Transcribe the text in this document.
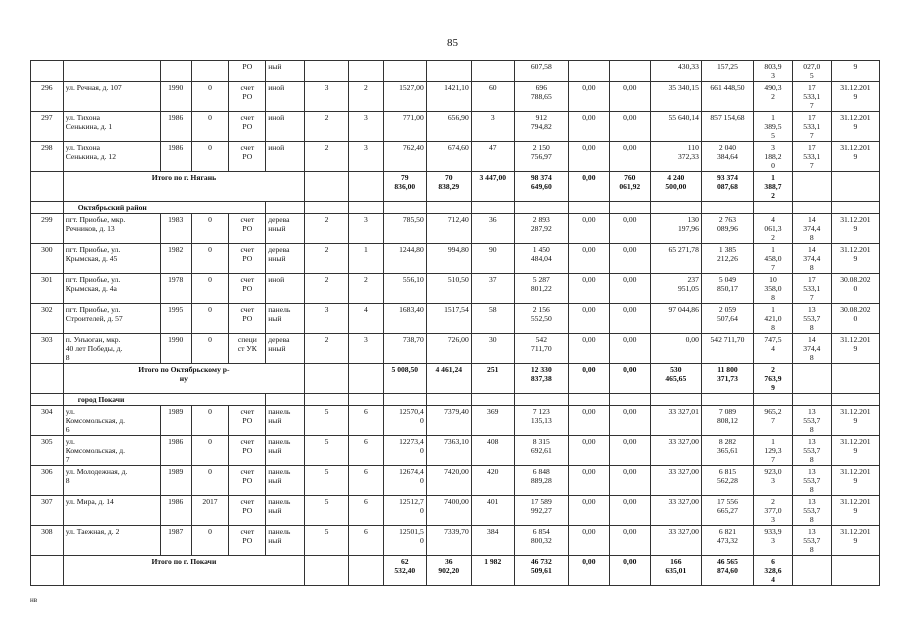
85
				РО	ный						607,58			430,33	157,25	803,9
3	027,0
5	9
296	ул. Речная, д. 107	1990	0	счет
РО	иной	3	2	1527,00	1421,10	60	696
788,65	0,00	0,00	35 340,15	661 448,50	490,3
2	17
533,1
7	31.12.201
9
297	ул. Тихона
Сенькина, д. 1	1986	0	счет
РО	иной	2	3	771,00	656,90	3	912
794,82	0,00	0,00	55 640,14	857 154,68	1
389,5
5	17
533,1
7	31.12.201
9
298	ул. Тихона
Сенькина, д. 12	1986	0	счет
РО	иной	2	3	762,40	674,60	47	2 150
756,97	0,00	0,00	110
372,33	2 040
384,64	3
188,2
0	17
533,1
7	31.12.201
9
	Итого по г. Нягань							79
836,00	70
838,29	3 447,00	98 374
649,60	0,00	760
061,92	4 240
500,00	93 374
087,68	1
388,7
2		
	Октябрьский район																	
299	пгт. Приобье, мкр.
Речников, д. 13	1983	0	счет
РО	дерева
нный	2	3	785,50	712,40	36	2 893
287,92	0,00	0,00	130
197,96	2 763
089,96	4
061,3
2	14
374,4
8	31.12.201
9
300	пгт. Приобье, ул.
Крымская, д. 45	1982	0	счет
РО	дерева
нный	2	1	1244,80	994,80	90	1 450
484,04	0,00	0,00	65 271,78	1 385
212,26	1
458,0
7	14
374,4
8	31.12.201
9
301	пгт. Приобье, ул.
Крымская, д. 4а	1978	0	счет
РО	иной	2	2	556,10	510,50	37	5 287
801,22	0,00	0,00	237
951,05	5 049
850,17	10
358,0
8	17
533,1
7	30.08.202
0
302	пгт. Приобье, ул.
Строителей, д. 57	1995	0	счет
РО	панель
ный	3	4	1683,40	1517,54	58	2 156
552,50	0,00	0,00	97 044,86	2 059
507,64	1
421,0
8	13
553,7
8	30.08.202
0
303	п. Унъюган, мкр.
40 лет Победы, д.
8	1990	0	специ
ст УК	дерева
нный	2	3	738,70	726,00	30	542
711,70	0,00	0,00	0,00	542 711,70	747,5
4	14
374,4
8	31.12.201
9
	Итого по Октябрьскому р-
ну							5 008,50	4 461,24	251	12 330
837,38	0,00	0,00	530
465,65	11 800
371,73	2
763,9
9		
	город Покачи																	
304	ул.
Комсомольская, д.
6	1989	0	счет
РО	панель
ный	5	6	12570,4
0	7379,40	369	7 123
135,13	0,00	0,00	33 327,01	7 089
808,12	965,2
7	13
553,7
8	31.12.201
9
305	ул.
Комсомольская, д.
7	1986	0	счет
РО	панель
ный	5	6	12273,4
0	7363,10	408	8 315
692,61	0,00	0,00	33 327,00	8 282
365,61	1
129,3
7	13
553,7
8	31.12.201
9
306	ул. Молодежная, д.
8	1989	0	счет
РО	панель
ный	5	6	12674,4
0	7420,00	420	6 848
889,28	0,00	0,00	33 327,00	6 815
562,28	923,0
3	13
553,7
8	31.12.201
9
307	ул. Мира, д. 14	1986	2017	счет
РО	панель
ный	5	6	12512,7
0	7400,00	401	17 589
992,27	0,00	0,00	33 327,00	17 556
665,27	2
377,0
3	13
553,7
8	31.12.201
9
308	ул. Таежная, д. 2	1987	0	счет
РО	панель
ный	5	6	12501,5
0	7339,70	384	6 854
800,32	0,00	0,00	33 327,00	6 821
473,32	933,9
3	13
553,7
8	31.12.201
9
	Итого по г. Покачи							62
532,40	36
902,20	1 982	46 732
509,61	0,00	0,00	166
635,01	46 565
874,60	6
328,6
4		
нв
